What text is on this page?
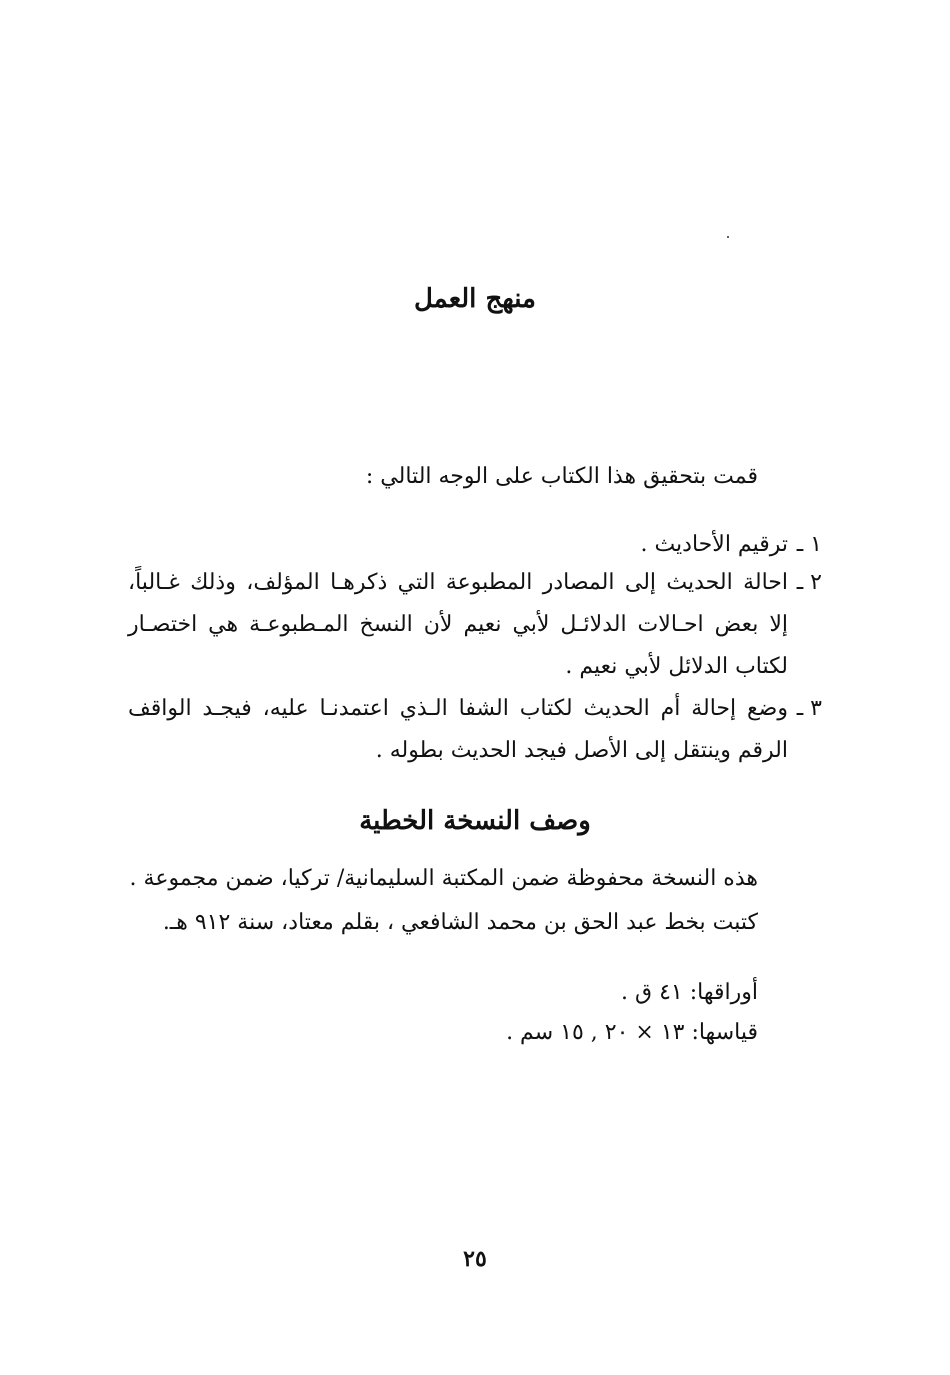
منهج العمل

قمت بتحقيق هذا الكتاب على الوجه التالي :

١ ـ
ترقيم الأحاديث .
٢ ـ
احالة الحديث إلى المصادر المطبوعة التي ذكرهـا المؤلف، وذلك غـالباً،
إلا بعض احـالات الدلائـل لأبي نعيم لأن النسخ المـطبوعـة هي اختصـار
لكتاب الدلائل لأبي نعيم .
٣ ـ
وضع إحالة أم الحديث لكتاب الشفا الـذي اعتمدنـا عليه، فيجـد الواقف
الرقم وينتقل إلى الأصل فيجد الحديث بطوله .
وصف النسخة الخطية

هذه النسخة محفوظة ضمن المكتبة السليمانية/ تركيا، ضمن مجموعة .

كتبت بخط عبد الحق بن محمد الشافعي ، بقلم معتاد، سنة ٩١٢ هـ.

أوراقها: ٤١ ق .

قياسها: ١٣ × ٢٠ , ١٥ سم .

٢٥
